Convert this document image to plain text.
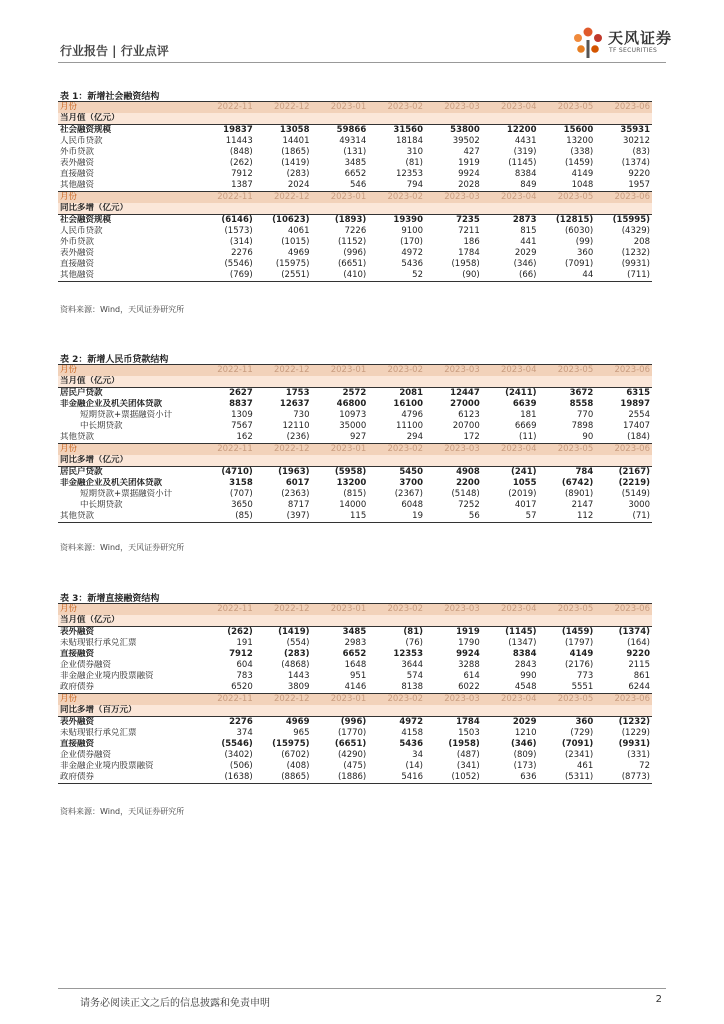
行业报告 | 行业点评
天风证券
TF SECURITIES
表 1：新增社会融资结构
月份	2022-11	2022-12	2023-01	2023-02	2023-03	2023-04	2023-05	2023-06
当月值（亿元）								
社会融资规模	19837	13058	59866	31560	53800	12200	15600	35931
人民币贷款	11443	14401	49314	18184	39502	4431	13200	30212
外币贷款	(848)	(1865)	(131)	310	427	(319)	(338)	(83)
表外融资	(262)	(1419)	3485	(81)	1919	(1145)	(1459)	(1374)
直接融资	7912	(283)	6652	12353	9924	8384	4149	9220
其他融资	1387	2024	546	794	2028	849	1048	1957
月份	2022-11	2022-12	2023-01	2023-02	2023-03	2023-04	2023-05	2023-06
同比多增（亿元）								
社会融资规模	(6146)	(10623)	(1893)	19390	7235	2873	(12815)	(15995)
人民币贷款	(1573)	4061	7226	9100	7211	815	(6030)	(4329)
外币贷款	(314)	(1015)	(1152)	(170)	186	441	(99)	208
表外融资	2276	4969	(996)	4972	1784	2029	360	(1232)
直接融资	(5546)	(15975)	(6651)	5436	(1958)	(346)	(7091)	(9931)
其他融资	(769)	(2551)	(410)	52	(90)	(66)	44	(711)
资料来源：Wind，天风证券研究所
表 2：新增人民币贷款结构
月份	2022-11	2022-12	2023-01	2023-02	2023-03	2023-04	2023-05	2023-06
当月值（亿元）								
居民户贷款	2627	1753	2572	2081	12447	(2411)	3672	6315
非金融企业及机关团体贷款	8837	12637	46800	16100	27000	6639	8558	19897
短期贷款+票据融资小计	1309	730	10973	4796	6123	181	770	2554
中长期贷款	7567	12110	35000	11100	20700	6669	7898	17407
其他贷款	162	(236)	927	294	172	(11)	90	(184)
月份	2022-11	2022-12	2023-01	2023-02	2023-03	2023-04	2023-05	2023-06
同比多增（亿元）								
居民户贷款	(4710)	(1963)	(5958)	5450	4908	(241)	784	(2167)
非金融企业及机关团体贷款	3158	6017	13200	3700	2200	1055	(6742)	(2219)
短期贷款+票据融资小计	(707)	(2363)	(815)	(2367)	(5148)	(2019)	(8901)	(5149)
中长期贷款	3650	8717	14000	6048	7252	4017	2147	3000
其他贷款	(85)	(397)	115	19	56	57	112	(71)
资料来源：Wind，天风证券研究所
表 3：新增直接融资结构
月份	2022-11	2022-12	2023-01	2023-02	2023-03	2023-04	2023-05	2023-06
当月值（亿元）								
表外融资	(262)	(1419)	3485	(81)	1919	(1145)	(1459)	(1374)
未贴现银行承兑汇票	191	(554)	2983	(76)	1790	(1347)	(1797)	(164)
直接融资	7912	(283)	6652	12353	9924	8384	4149	9220
企业债券融资	604	(4868)	1648	3644	3288	2843	(2176)	2115
非金融企业境内股票融资	783	1443	951	574	614	990	773	861
政府债券	6520	3809	4146	8138	6022	4548	5551	6244
月份	2022-11	2022-12	2023-01	2023-02	2023-03	2023-04	2023-05	2023-06
同比多增（百万元）								
表外融资	2276	4969	(996)	4972	1784	2029	360	(1232)
未贴现银行承兑汇票	374	965	(1770)	4158	1503	1210	(729)	(1229)
直接融资	(5546)	(15975)	(6651)	5436	(1958)	(346)	(7091)	(9931)
企业债券融资	(3402)	(6702)	(4290)	34	(487)	(809)	(2341)	(331)
非金融企业境内股票融资	(506)	(408)	(475)	(14)	(341)	(173)	461	72
政府债券	(1638)	(8865)	(1886)	5416	(1052)	636	(5311)	(8773)
资料来源：Wind，天风证券研究所
请务必阅读正文之后的信息披露和免责申明	2
